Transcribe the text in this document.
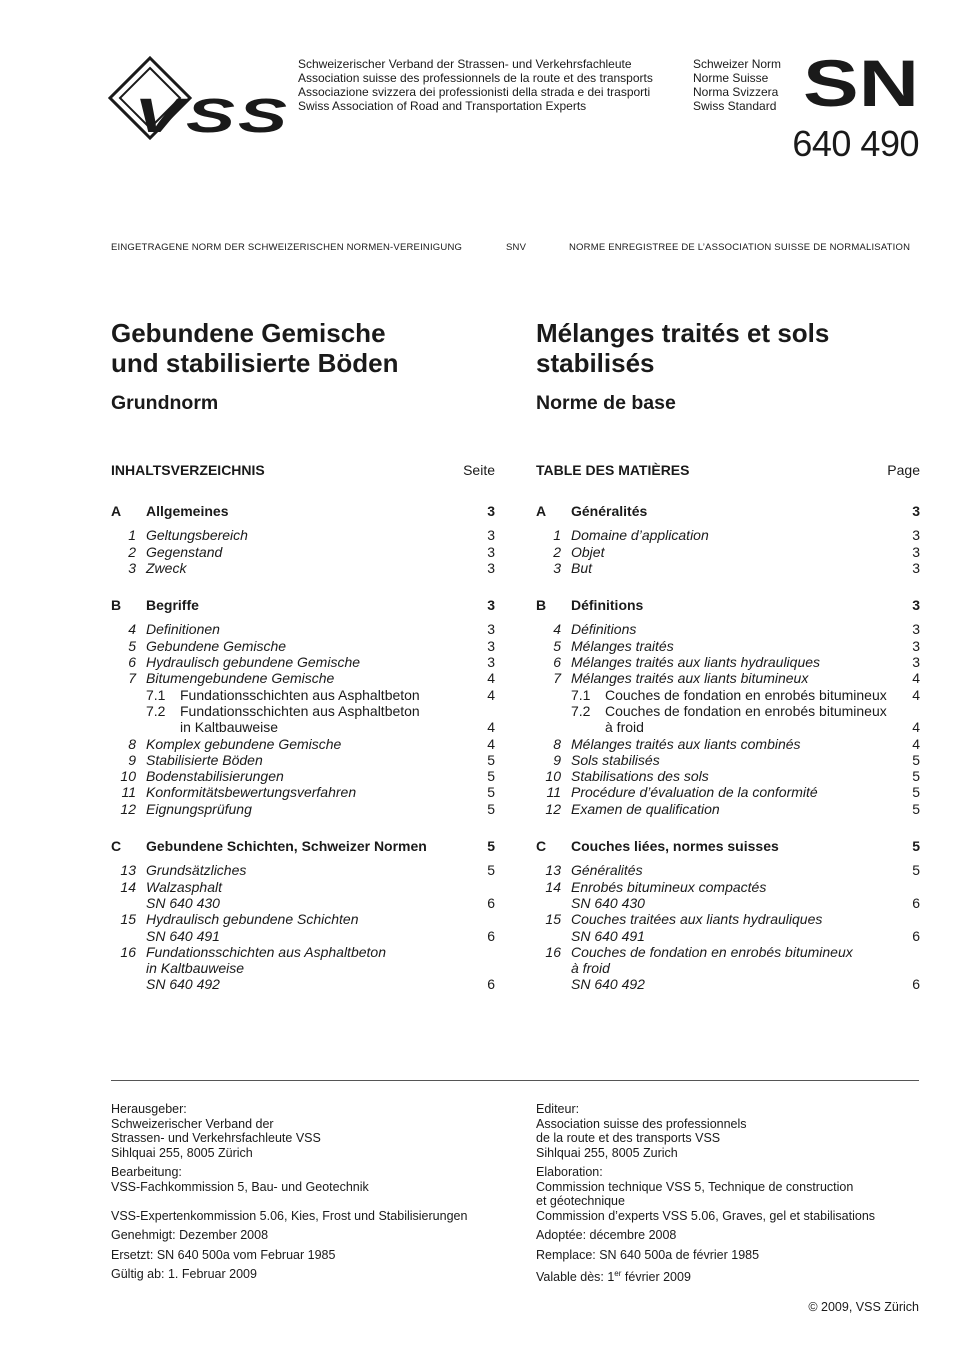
VSS
Schweizerischer Verband der Strassen- und Verkehrsfachleute
Association suisse des professionnels de la route et des transports
Associazione svizzera dei professionisti della strada e dei trasporti
Swiss Association of Road and Transportation Experts
Schweizer Norm
Norme Suisse
Norma Svizzera
Swiss Standard SN
640 490
EINGETRAGENE NORM DER SCHWEIZERISCHEN NORMEN-VEREINIGUNG	SNV	NORME ENREGISTREE DE L’ASSOCIATION SUISSE DE NORMALISATION
Gebundene Gemische
und stabilisierte Böden
Mélanges traités et sols
stabilisés
Grundnorm	Norme de base
INHALTSVERZEICHNIS	Seite
A	Allgemeines	3
1 Geltungsbereich	3
2 Gegenstand	3
3 Zweck	3
B	Begriffe	3
4 Definitionen	3
5 Gebundene Gemische	3
6 Hydraulisch gebundene Gemische	3
7 Bitumengebundene Gemische	4
7.1 Fundationsschichten aus Asphaltbeton	4
7.2 Fundationsschichten aus Asphaltbeton
in Kaltbauweise	4
8 Komplex gebundene Gemische	4
9 Stabilisierte Böden	5
10 Bodenstabilisierungen	5
11 Konformitätsbewertungsverfahren	5
12 Eignungsprüfung	5
C	Gebundene Schichten, Schweizer Normen	5
13 Grundsätzliches	5
14 Walzasphalt
SN 640 430	6
15 Hydraulisch gebundene Schichten
SN 640 491	6
16 Fundationsschichten aus Asphaltbeton
in Kaltbauweise
SN 640 492	6
TABLE DES MATIÈRES	Page
A	Généralités	3
1 Domaine d’application	3
2 Objet	3
3 But	3
B	Définitions	3
4 Définitions	3
5 Mélanges traités	3
6 Mélanges traités aux liants hydrauliques	3
7 Mélanges traités aux liants bitumineux	4
7.1 Couches de fondation en enrobés bitumineux	4
7.2 Couches de fondation en enrobés bitumineux
à froid	4
8 Mélanges traités aux liants combinés	4
9 Sols stabilisés	5
10 Stabilisations des sols	5
11 Procédure d’évaluation de la conformité	5
12 Examen de qualification	5
C	Couches liées, normes suisses	5
13 Généralités	5
14 Enrobés bitumineux compactés
SN 640 430	6
15 Couches traitées aux liants hydrauliques
SN 640 491	6
16 Couches de fondation en enrobés bitumineux
à froid
SN 640 492	6

Herausgeber:

Schweizerischer Verband der

Strassen- und Verkehrsfachleute VSS

Sihlquai 255, 8005 Zürich

Bearbeitung:

VSS-Fachkommission 5, Bau- und Geotechnik

VSS-Expertenkommission 5.06, Kies, Frost und Stabilisierungen

Genehmigt: Dezember 2008

Ersetzt: SN 640 500a vom Februar 1985

Gültig ab: 1. Februar 2009

Editeur:

Association suisse des professionnels

de la route et des transports VSS

Sihlquai 255, 8005 Zurich

Elaboration:

Commission technique VSS 5, Technique de construction

et géotechnique

Commission d’experts VSS 5.06, Graves, gel et stabilisations

Adoptée: décembre 2008

Remplace: SN 640 500a de février 1985

Valable dès: 1er février 2009

© 2009, VSS Zürich
